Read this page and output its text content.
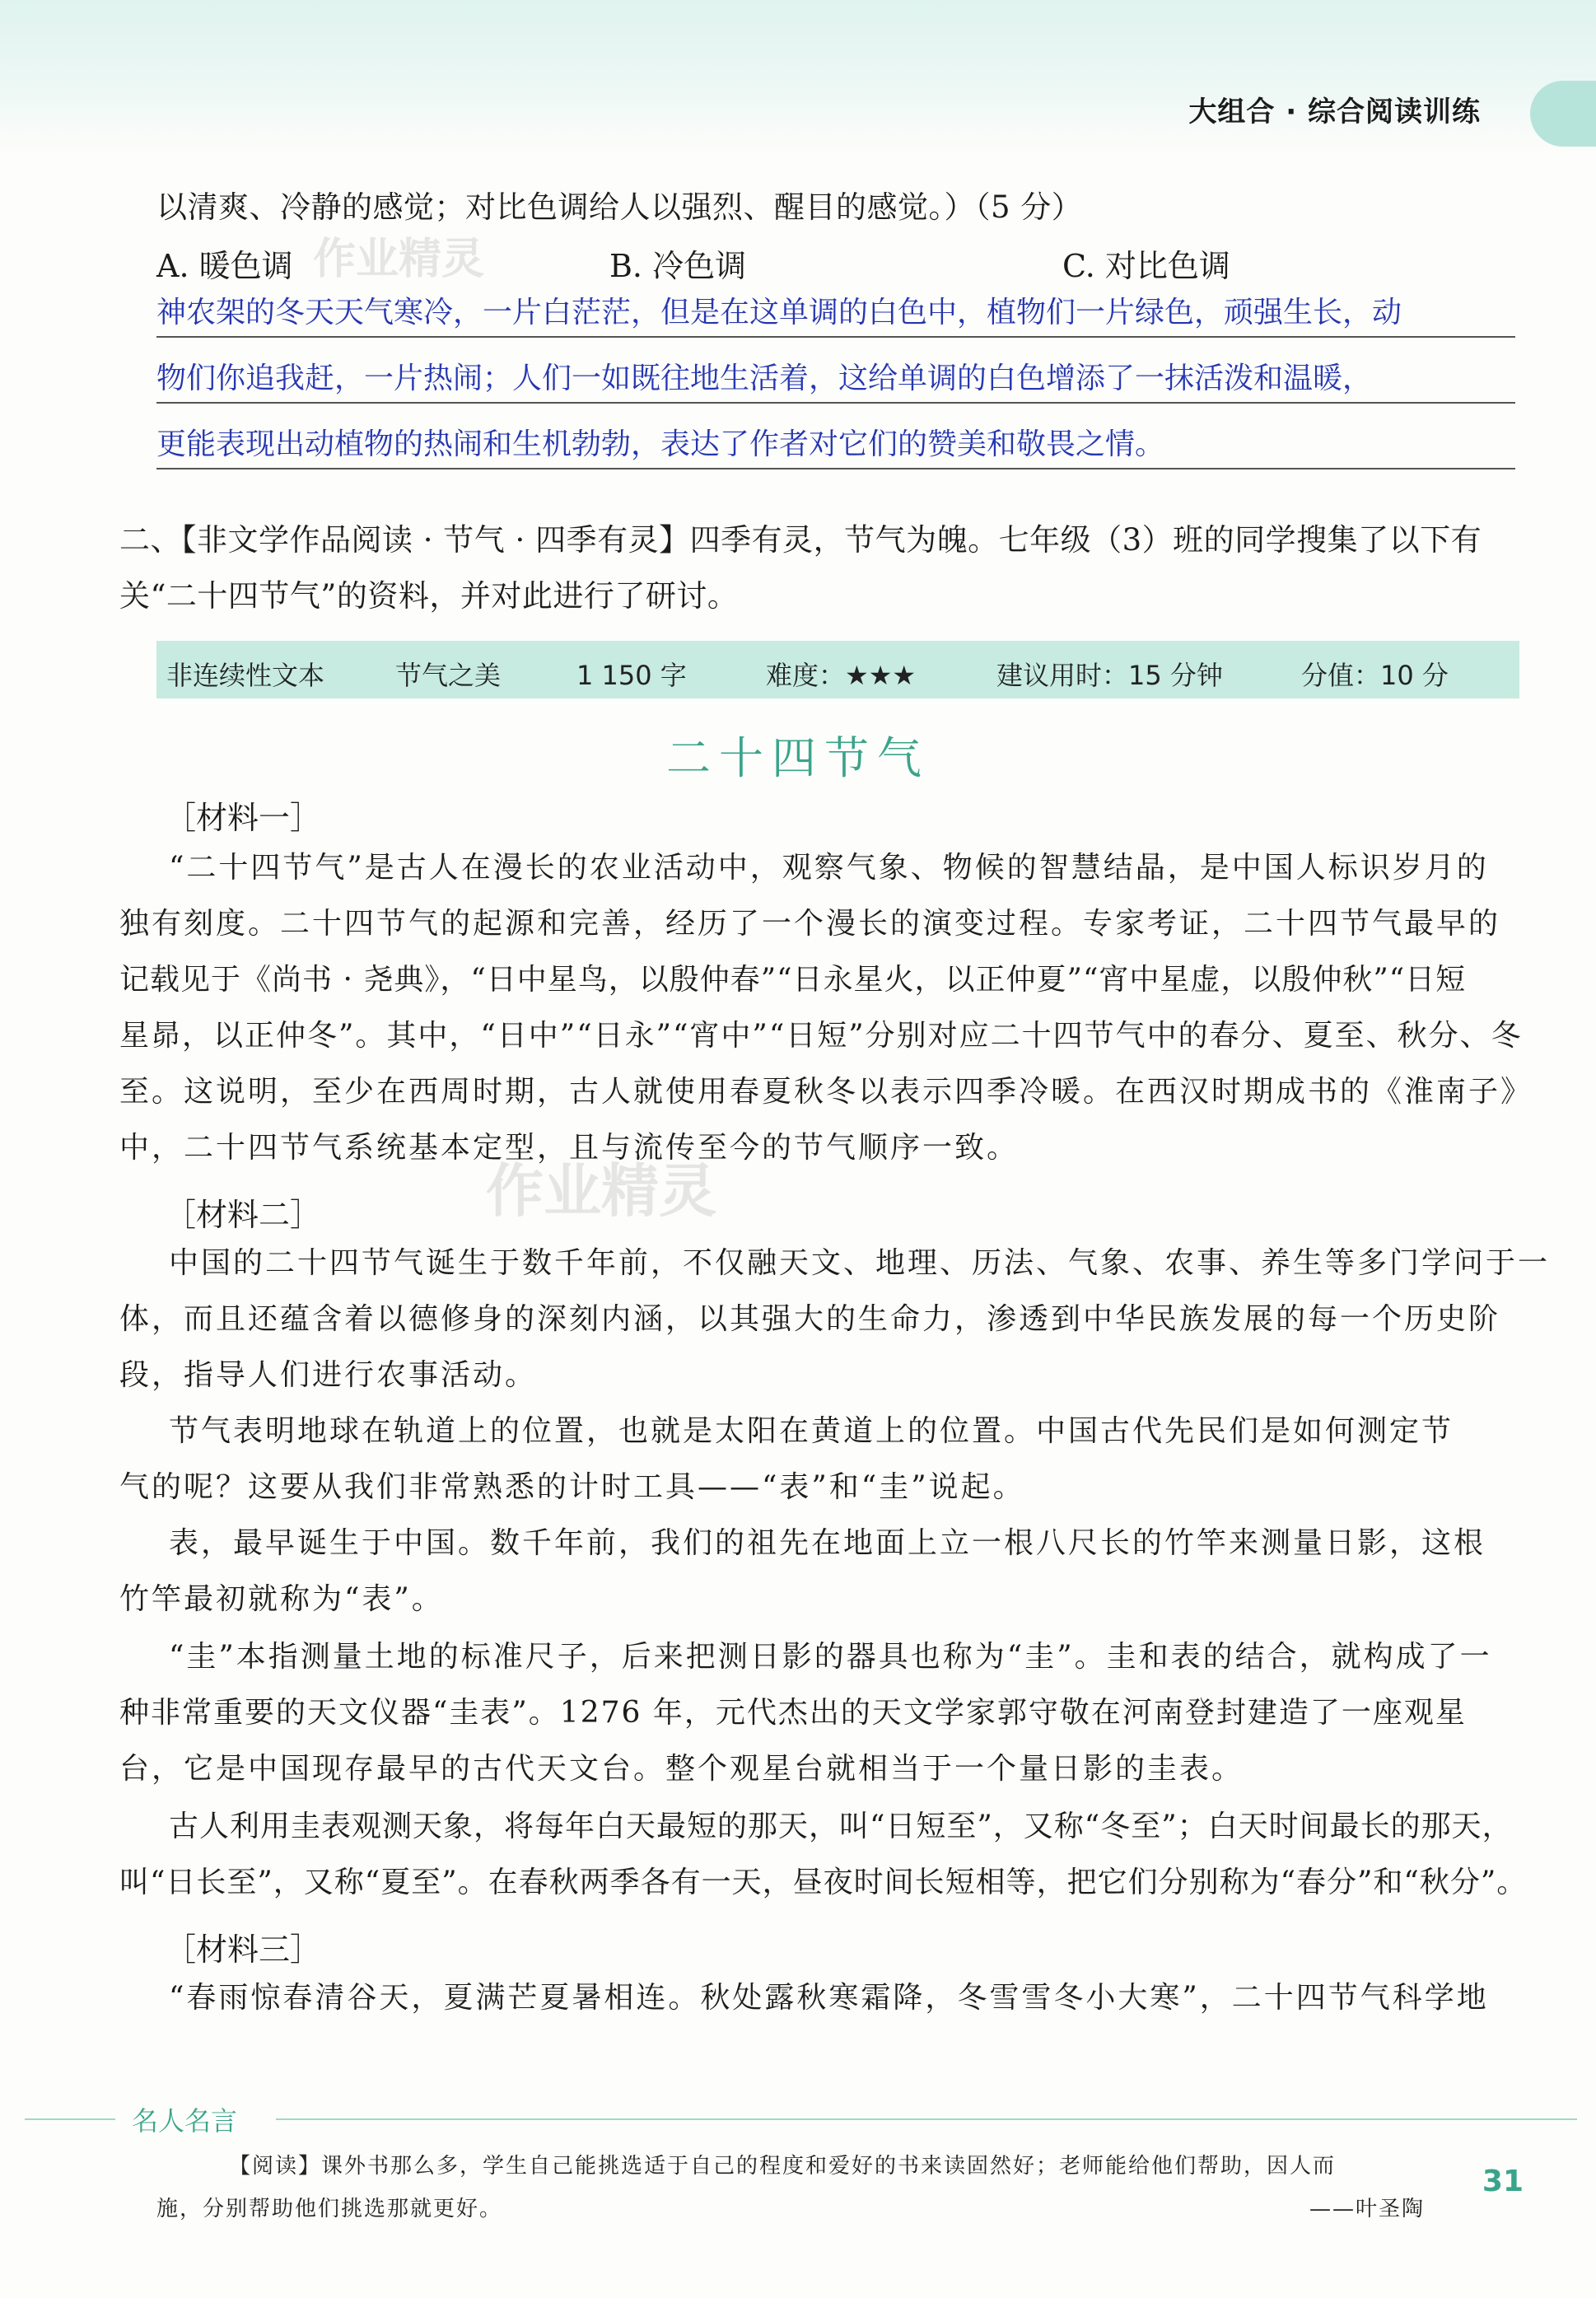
大组合 · 综合阅读训练
以清爽、冷静的感觉；对比色调给人以强烈、醒目的感觉。）（5 分）
A. 暖色调	B. 冷色调	C. 对比色调
神农架的冬天天气寒冷，一片白茫茫，但是在这单调的白色中，植物们一片绿色，顽强生长，动
物们你追我赶，一片热闹；人们一如既往地生活着，这给单调的白色增添了一抹活泼和温暖，
更能表现出动植物的热闹和生机勃勃，表达了作者对它们的赞美和敬畏之情。
二、【非文学作品阅读 · 节气 · 四季有灵】四季有灵，节气为魄。七年级（3）班的同学搜集了以下有
关“二十四节气”的资料，并对此进行了研讨。
非连续性文本	节气之美	1 150 字	难度：★★★	建议用时：15 分钟	分值：10 分
二十四节气
［材料一］
“二十四节气”是古人在漫长的农业活动中，观察气象、物候的智慧结晶，是中国人标识岁月的
独有刻度。二十四节气的起源和完善，经历了一个漫长的演变过程。专家考证，二十四节气最早的
记载见于《尚书 · 尧典》，“日中星鸟，以殷仲春”“日永星火，以正仲夏”“宵中星虚，以殷仲秋”“日短
星昴，以正仲冬”。其中，“日中”“日永”“宵中”“日短”分别对应二十四节气中的春分、夏至、秋分、冬
至。这说明，至少在西周时期，古人就使用春夏秋冬以表示四季冷暖。在西汉时期成书的《淮南子》
中，二十四节气系统基本定型，且与流传至今的节气顺序一致。
［材料二］
中国的二十四节气诞生于数千年前，不仅融天文、地理、历法、气象、农事、养生等多门学问于一
体，而且还蕴含着以德修身的深刻内涵，以其强大的生命力，渗透到中华民族发展的每一个历史阶
段，指导人们进行农事活动。
节气表明地球在轨道上的位置，也就是太阳在黄道上的位置。中国古代先民们是如何测定节
气的呢？这要从我们非常熟悉的计时工具——“表”和“圭”说起。
表，最早诞生于中国。数千年前，我们的祖先在地面上立一根八尺长的竹竿来测量日影，这根
竹竿最初就称为“表”。
“圭”本指测量土地的标准尺子，后来把测日影的器具也称为“圭”。圭和表的结合，就构成了一
种非常重要的天文仪器“圭表”。1276 年，元代杰出的天文学家郭守敬在河南登封建造了一座观星
台，它是中国现存最早的古代天文台。整个观星台就相当于一个量日影的圭表。
古人利用圭表观测天象，将每年白天最短的那天，叫“日短至”，又称“冬至”；白天时间最长的那天，
叫“日长至”，又称“夏至”。在春秋两季各有一天，昼夜时间长短相等，把它们分别称为“春分”和“秋分”。
［材料三］
“春雨惊春清谷天，夏满芒夏暑相连。秋处露秋寒霜降，冬雪雪冬小大寒”，二十四节气科学地
作业精灵
作业精灵
名人名言
【阅读】课外书那么多，学生自己能挑选适于自己的程度和爱好的书来读固然好；老师能给他们帮助，因人而
施，分别帮助他们挑选那就更好。	——叶圣陶
31
